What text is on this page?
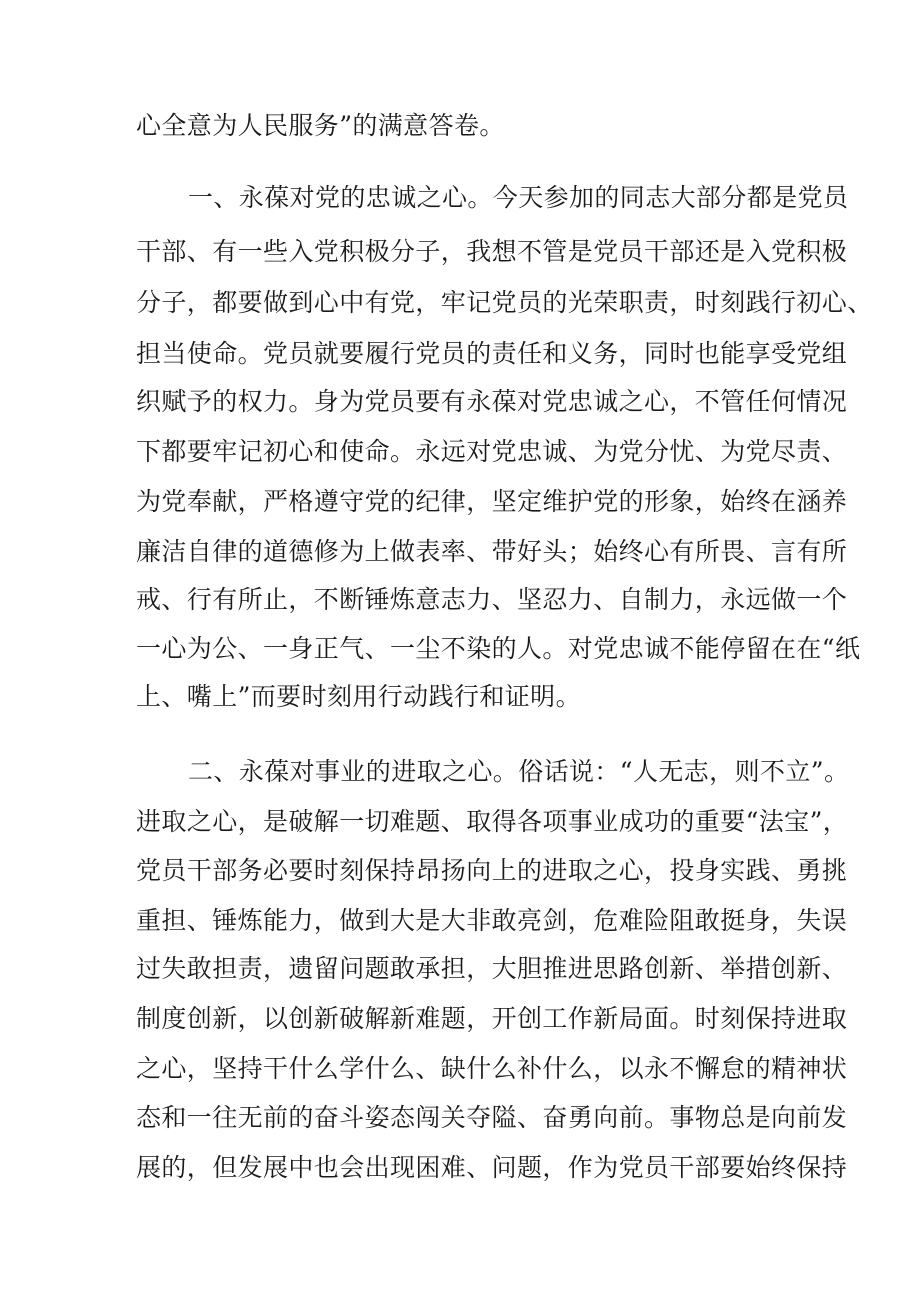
心全意为人民服务”的满意答卷。
一、永葆对党的忠诚之心。今天参加的同志大部分都是党员
干部、有一些入党积极分子，我想不管是党员干部还是入党积极
分子，都要做到心中有党，牢记党员的光荣职责，时刻践行初心、
担当使命。党员就要履行党员的责任和义务，同时也能享受党组
织赋予的权力。身为党员要有永葆对党忠诚之心，不管任何情况
下都要牢记初心和使命。永远对党忠诚、为党分忧、为党尽责、
为党奉献，严格遵守党的纪律，坚定维护党的形象，始终在涵养
廉洁自律的道德修为上做表率、带好头；始终心有所畏、言有所
戒、行有所止，不断锤炼意志力、坚忍力、自制力，永远做一个
一心为公、一身正气、一尘不染的人。对党忠诚不能停留在在“纸
上、嘴上”而要时刻用行动践行和证明。
二、永葆对事业的进取之心。俗话说：“人无志，则不立”。
进取之心，是破解一切难题、取得各项事业成功的重要“法宝”，
党员干部务必要时刻保持昂扬向上的进取之心，投身实践、勇挑
重担、锤炼能力，做到大是大非敢亮剑，危难险阻敢挺身，失误
过失敢担责，遗留问题敢承担，大胆推进思路创新、举措创新、
制度创新，以创新破解新难题，开创工作新局面。时刻保持进取
之心，坚持干什么学什么、缺什么补什么，以永不懈怠的精神状
态和一往无前的奋斗姿态闯关夺隘、奋勇向前。事物总是向前发
展的，但发展中也会出现困难、问题，作为党员干部要始终保持
